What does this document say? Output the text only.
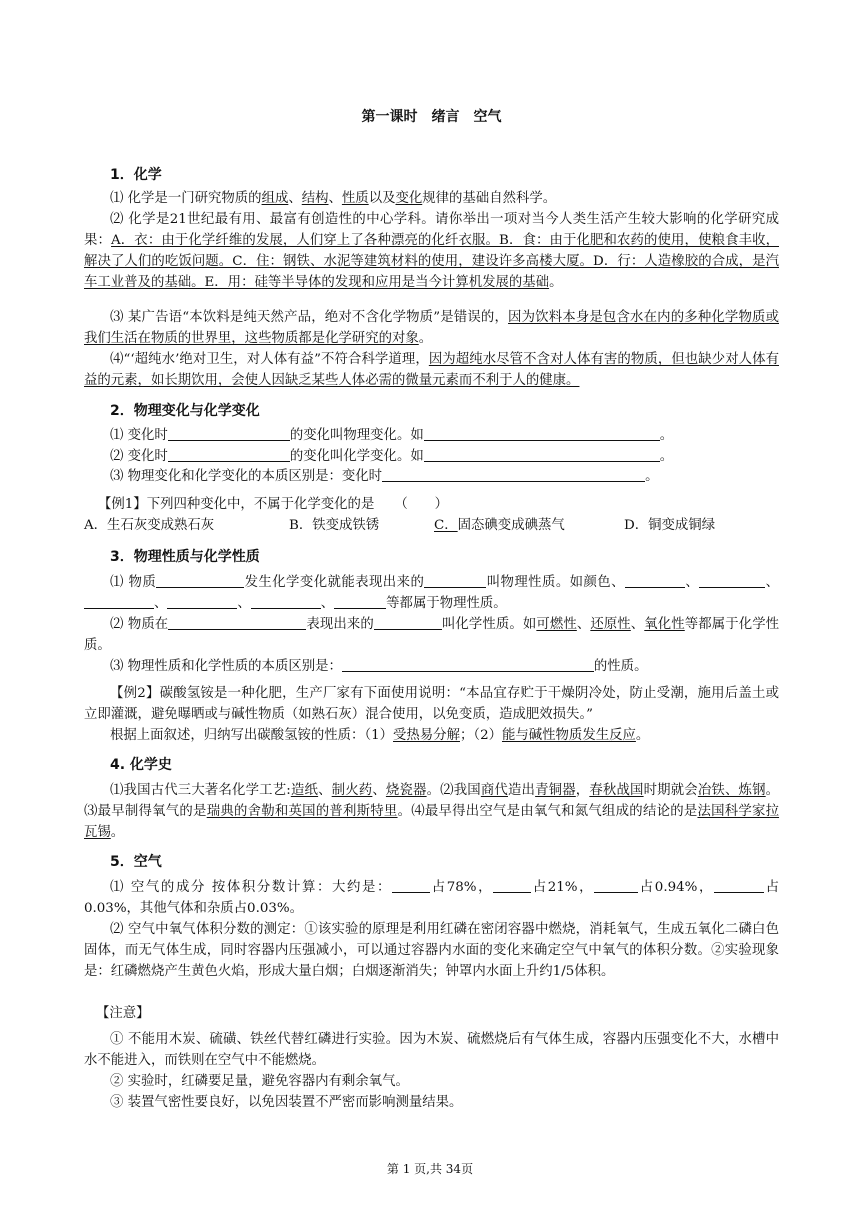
第一课时　绪言　空气
1．化学
⑴ 化学是一门研究物质的组成、结构、性质以及变化规律的基础自然科学。
⑵ 化学是21世纪最有用、最富有创造性的中心学科。请你举出一项对当今人类生活产生较大影响的化学研究成果：A．衣：由于化学纤维的发展，人们穿上了各种漂亮的化纤衣服。B．食：由于化肥和农药的使用，使粮食丰收，解决了人们的吃饭问题。C．住：钢铁、水泥等建筑材料的使用，建设许多高楼大厦。D．行：人造橡胶的合成，是汽车工业普及的基础。E．用：硅等半导体的发现和应用是当今计算机发展的基础。
⑶ 某广告语“本饮料是纯天然产品，绝对不含化学物质”是错误的，因为饮料本身是包含水在内的多种化学物质或我们生活在物质的世界里，这些物质都是化学研究的对象。
⑷“‘超纯水’绝对卫生，对人体有益”不符合科学道理，因为超纯水尽管不含对人体有害的物质，但也缺少对人体有益的元素，如长期饮用，会使人因缺乏某些人体必需的微量元素而不利于人的健康。
2．物理变化与化学变化
⑴ 变化时	的变化叫物理变化。如	。
⑵ 变化时	的变化叫化学变化。如	。
⑶ 物理变化和化学变化的本质区别是：变化时	。
【例1】下列四种变化中，不属于化学变化的是　　（　　）
A．生石灰变成熟石灰	B．铁变成铁锈	C．固态碘变成碘蒸气	D．铜变成铜绿
3．物理性质与化学性质
⑴ 物质	发生化学变化就能表现出来的	叫物理性质。如颜色、	、	、、	、	、	等都属于物理性质。
⑵ 物质在	表现出来的	叫化学性质。如可燃性、还原性、氧化性等都属于化学性质。
⑶ 物理性质和化学性质的本质区别是：	的性质。
【例2】碳酸氢铵是一种化肥，生产厂家有下面使用说明：“本品宜存贮于干燥阴冷处，防止受潮，施用后盖土或立即灌溉，避免曝晒或与碱性物质（如熟石灰）混合使用，以免变质，造成肥效损失。”
根据上面叙述，归纳写出碳酸氢铵的性质：（1）受热易分解；（2）能与碱性物质发生反应。
4. 化学史
⑴我国古代三大著名化学工艺:造纸、制火药、烧瓷器。⑵我国商代造出青铜器，春秋战国时期就会冶铁、炼钢。⑶最早制得氧气的是瑞典的舍勒和英国的普利斯特里。⑷最早得出空气是由氧气和氮气组成的结论的是法国科学家拉瓦锡。
5．空气
⑴ 空气的成分 按体积分数计算：大约是：	占78%，	占21%，	占0.94%，	占0.03%，其他气体和杂质占0.03%。
⑵ 空气中氧气体积分数的测定：①该实验的原理是利用红磷在密闭容器中燃烧，消耗氧气，生成五氧化二磷白色固体，而无气体生成，同时容器内压强减小，可以通过容器内水面的变化来确定空气中氧气的体积分数。②实验现象是：红磷燃烧产生黄色火焰，形成大量白烟；白烟逐渐消失；钟罩内水面上升约1/5体积。
【注意】
① 不能用木炭、硫磺、铁丝代替红磷进行实验。因为木炭、硫燃烧后有气体生成，容器内压强变化不大，水槽中水不能进入，而铁则在空气中不能燃烧。
② 实验时，红磷要足量，避免容器内有剩余氧气。
③ 装置气密性要良好，以免因装置不严密而影响测量结果。
第 1 页,共 34页
